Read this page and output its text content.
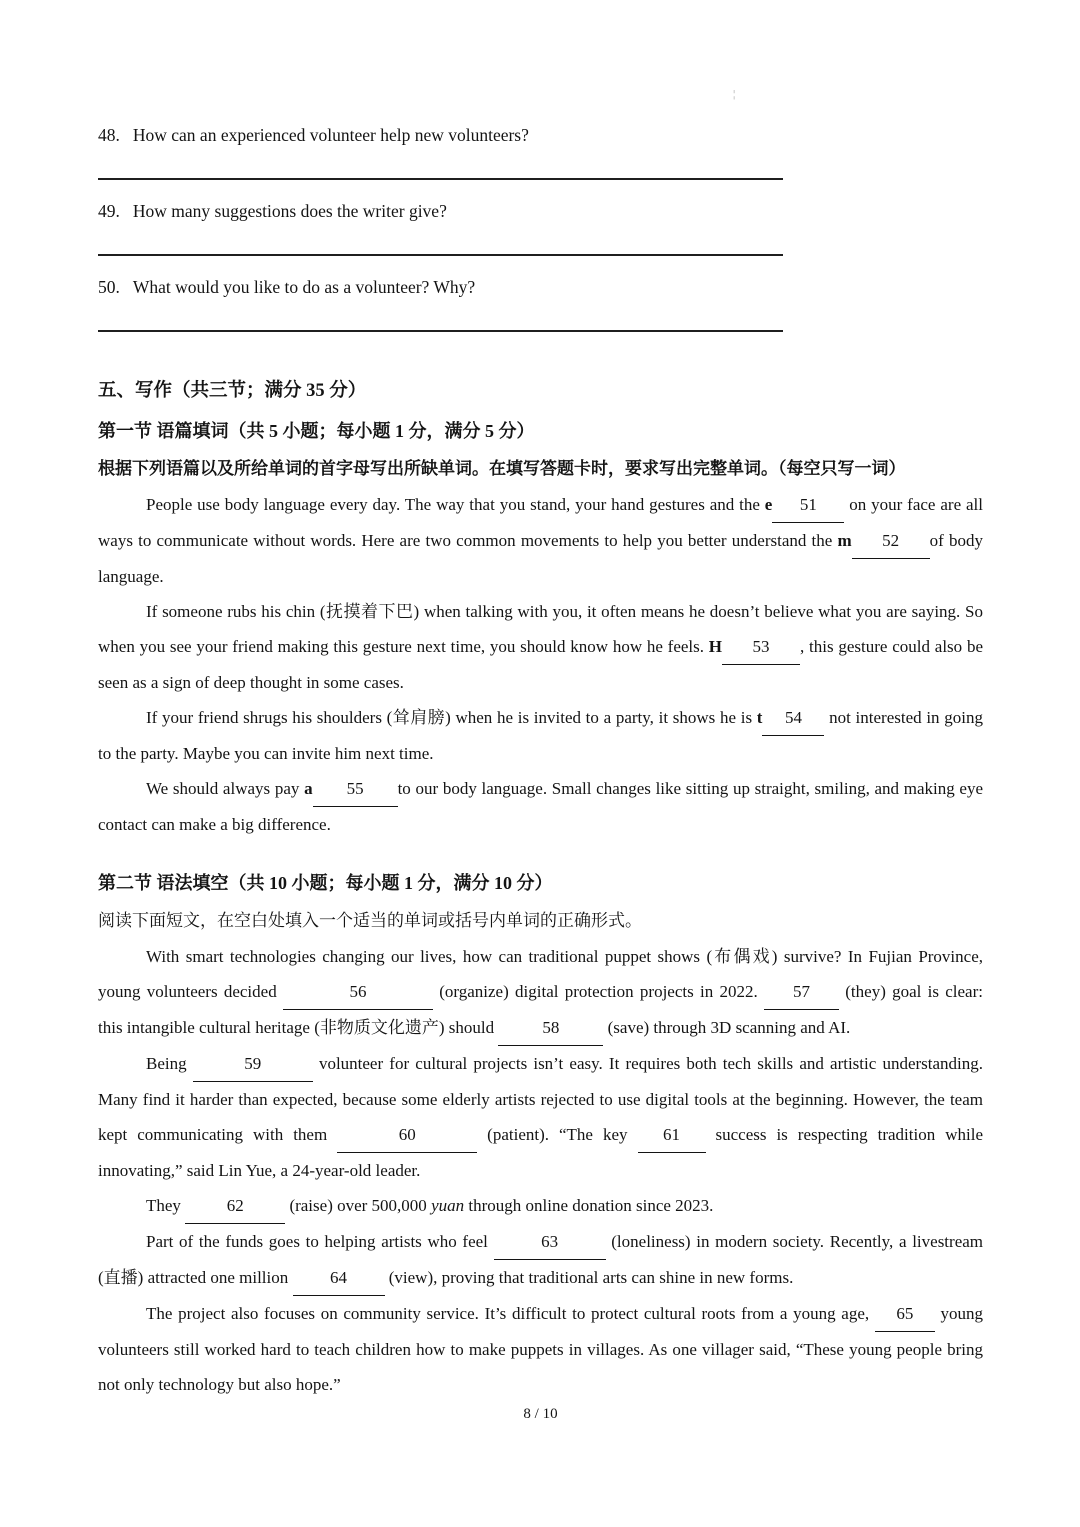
¦

48. How can an experienced volunteer help new volunteers?

49. How many suggestions does the writer give?

50. What would you like to do as a volunteer? Why?

五、写作（共三节；满分 35 分）
第一节 语篇填词（共 5 小题；每小题 1 分，满分 5 分）

根据下列语篇以及所给单词的首字母写出所缺单词。在填写答题卡时，要求写出完整单词。（每空只写一词）

People use body language every day. The way that you stand, your hand gestures and the e 51 on your face are all ways to communicate without words. Here are two common movements to help you better understand the m 52 of body language.

If someone rubs his chin (抚摸着下巴) when talking with you, it often means he doesn’t believe what you are saying. So when you see your friend making this gesture next time, you should know how he feels. H 53 , this gesture could also be seen as a sign of deep thought in some cases.

If your friend shrugs his shoulders (耸肩膀) when he is invited to a party, it shows he is t 54 not interested in going to the party. Maybe you can invite him next time.

We should always pay a 55 to our body language. Small changes like sitting up straight, smiling, and making eye contact can make a big difference.

第二节 语法填空（共 10 小题；每小题 1 分，满分 10 分）

阅读下面短文，在空白处填入一个适当的单词或括号内单词的正确形式。

With smart technologies changing our lives, how can traditional puppet shows (布偶戏) survive? In Fujian Province, young volunteers decided	56	(organize) digital protection projects in 2022. 57 (they) goal is clear: this intangible cultural heritage (非物质文化遗产) should	58	(save) through 3D scanning and AI.

Being	59	volunteer for cultural projects isn’t easy. It requires both tech skills and artistic understanding. Many find it harder than expected, because some elderly artists rejected to use digital tools at the beginning. However, the team kept communicating with them	60	(patient). “The key 61 success is respecting tradition while innovating,” said Lin Yue, a 24-year-old leader.

They 62 (raise) over 500,000 yuan through online donation since 2023.

Part of the funds goes to helping artists who feel	63	(loneliness) in modern society. Recently, a livestream (直播) attracted one million 64 (view), proving that traditional arts can shine in new forms.

The project also focuses on community service. It’s difficult to protect cultural roots from a young age, 65 young volunteers still worked hard to teach children how to make puppets in villages. As one villager said, “These young people bring not only technology but also hope.”

8 / 10
